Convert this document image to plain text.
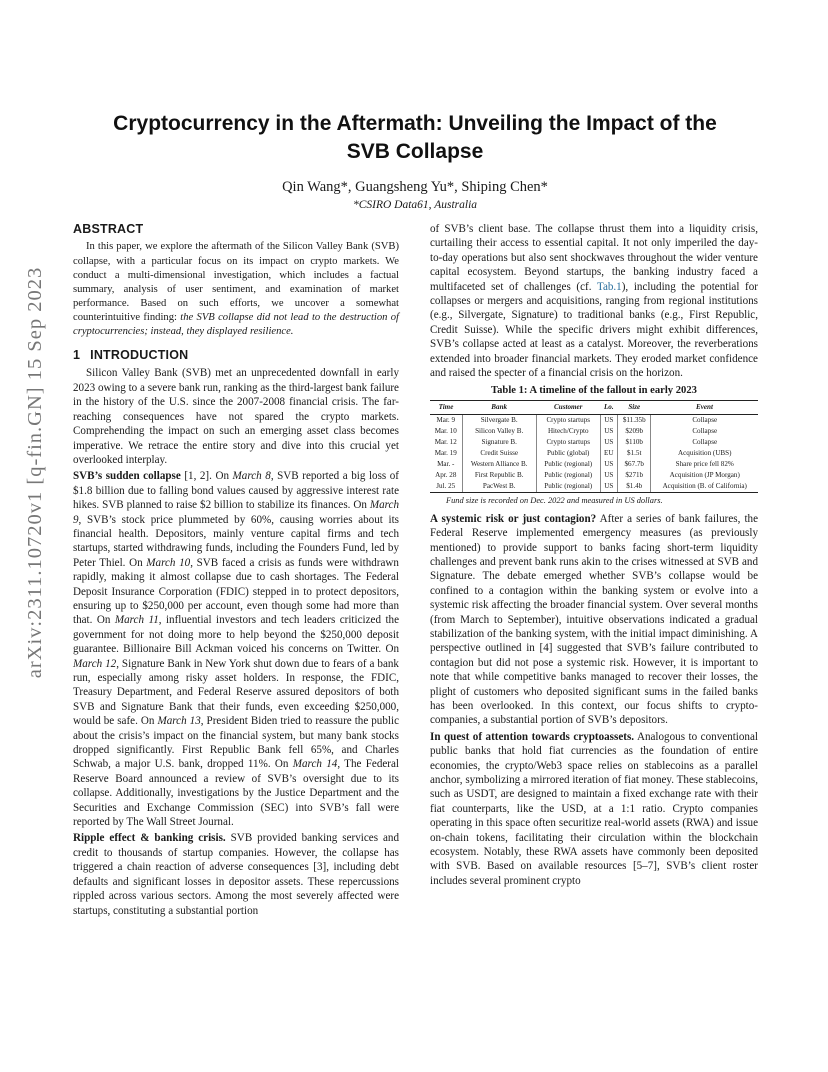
arXiv:2311.10720v1 [q-fin.GN] 15 Sep 2023
Cryptocurrency in the Aftermath: Unveiling the Impact of the SVB Collapse
Qin Wang*, Guangsheng Yu*, Shiping Chen*
*CSIRO Data61, Australia
ABSTRACT

In this paper, we explore the aftermath of the Silicon Valley Bank (SVB) collapse, with a particular focus on its impact on crypto markets. We conduct a multi-dimensional investigation, which includes a factual summary, analysis of user sentiment, and examination of market performance. Based on such efforts, we uncover a somewhat counterintuitive finding: the SVB collapse did not lead to the destruction of cryptocurrencies; instead, they displayed resilience.

1 INTRODUCTION

Silicon Valley Bank (SVB) met an unprecedented downfall in early 2023 owing to a severe bank run, ranking as the third-largest bank failure in the history of the U.S. since the 2007-2008 financial crisis. The far-reaching consequences have not spared the crypto markets. Comprehending the impact on such an emerging asset class becomes imperative. We retrace the entire story and dive into this crucial yet overlooked interplay.

SVB’s sudden collapse [1, 2]. On March 8, SVB reported a big loss of $1.8 billion due to falling bond values caused by aggressive interest rate hikes. SVB planned to raise $2 billion to stabilize its finances. On March 9, SVB’s stock price plummeted by 60%, causing worries about its financial health. Depositors, mainly venture capital firms and tech startups, started withdrawing funds, including the Founders Fund, led by Peter Thiel. On March 10, SVB faced a crisis as funds were withdrawn rapidly, making it almost collapse due to cash shortages. The Federal Deposit Insurance Corporation (FDIC) stepped in to protect depositors, ensuring up to $250,000 per account, even though some had more than that. On March 11, influential investors and tech leaders criticized the government for not doing more to help beyond the $250,000 deposit guarantee. Billionaire Bill Ackman voiced his concerns on Twitter. On March 12, Signature Bank in New York shut down due to fears of a bank run, especially among risky asset holders. In response, the FDIC, Treasury Department, and Federal Reserve assured depositors of both SVB and Signature Bank that their funds, even exceeding $250,000, would be safe. On March 13, President Biden tried to reassure the public about the crisis’s impact on the financial system, but many bank stocks dropped significantly. First Republic Bank fell 65%, and Charles Schwab, a major U.S. bank, dropped 11%. On March 14, The Federal Reserve Board announced a review of SVB’s oversight due to its collapse. Additionally, investigations by the Justice Department and the Securities and Exchange Commission (SEC) into SVB’s fall were reported by The Wall Street Journal.

Ripple effect & banking crisis. SVB provided banking services and credit to thousands of startup companies. However, the collapse has triggered a chain reaction of adverse consequences [3], including debt defaults and significant losses in depositor assets. These repercussions rippled across various sectors. Among the most severely affected were startups, constituting a substantial portion

of SVB’s client base. The collapse thrust them into a liquidity crisis, curtailing their access to essential capital. It not only imperiled the day-to-day operations but also sent shockwaves throughout the wider venture capital ecosystem. Beyond startups, the banking industry faced a multifaceted set of challenges (cf. Tab.1), including the potential for collapses or mergers and acquisitions, ranging from regional institutions (e.g., Silvergate, Signature) to traditional banks (e.g., First Republic, Credit Suisse). While the specific drivers might exhibit differences, SVB’s collapse acted at least as a catalyst. Moreover, the reverberations extended into broader financial markets. They eroded market confidence and raised the specter of a financial crisis on the horizon.

Table 1: A timeline of the fallout in early 2023
Time	Bank	Customer	Lo.	Size	Event
Mar. 9	Silvergate B.	Crypto startups	US	$11.35b	Collapse
Mar. 10	Silicon Valley B.	Hitech/Crypto	US	$209b	Collapse
Mar. 12	Signature B.	Crypto startups	US	$110b	Collapse
Mar. 19	Credit Suisse	Public (global)	EU	$1.5t	Acquisition (UBS)
Mar. -	Western Alliance B.	Public (regional)	US	$67.7b	Share price fell 82%
Apr. 28	First Republic B.	Public (regional)	US	$271b	Acquisition (JP Morgan)
Jul. 25	PacWest B.	Public (regional)	US	$1.4b	Acquisition (B. of California)
Fund size is recorded on Dec. 2022 and measured in US dollars.

A systemic risk or just contagion? After a series of bank failures, the Federal Reserve implemented emergency measures (as previously mentioned) to provide support to banks facing short-term liquidity challenges and prevent bank runs akin to the crises witnessed at SVB and Signature. The debate emerged whether SVB’s collapse would be confined to a contagion within the banking system or evolve into a systemic risk affecting the broader financial system. Over several months (from March to September), intuitive observations indicated a gradual stabilization of the banking system, with the initial impact diminishing. A perspective outlined in [4] suggested that SVB’s failure contributed to contagion but did not pose a systemic risk. However, it is important to note that while competitive banks managed to recover their losses, the plight of customers who deposited significant sums in the failed banks has been overlooked. In this context, our focus shifts to crypto-companies, a substantial portion of SVB’s depositors.

In quest of attention towards cryptoassets. Analogous to conventional public banks that hold fiat currencies as the foundation of entire economies, the crypto/Web3 space relies on stablecoins as a parallel anchor, symbolizing a mirrored iteration of fiat money. These stablecoins, such as USDT, are designed to maintain a fixed exchange rate with their fiat counterparts, like the USD, at a 1:1 ratio. Crypto companies operating in this space often securitize real-world assets (RWA) and issue on-chain tokens, facilitating their circulation within the blockchain ecosystem. Notably, these RWA assets have commonly been deposited with SVB. Based on available resources [5–7], SVB’s client roster includes several prominent crypto
